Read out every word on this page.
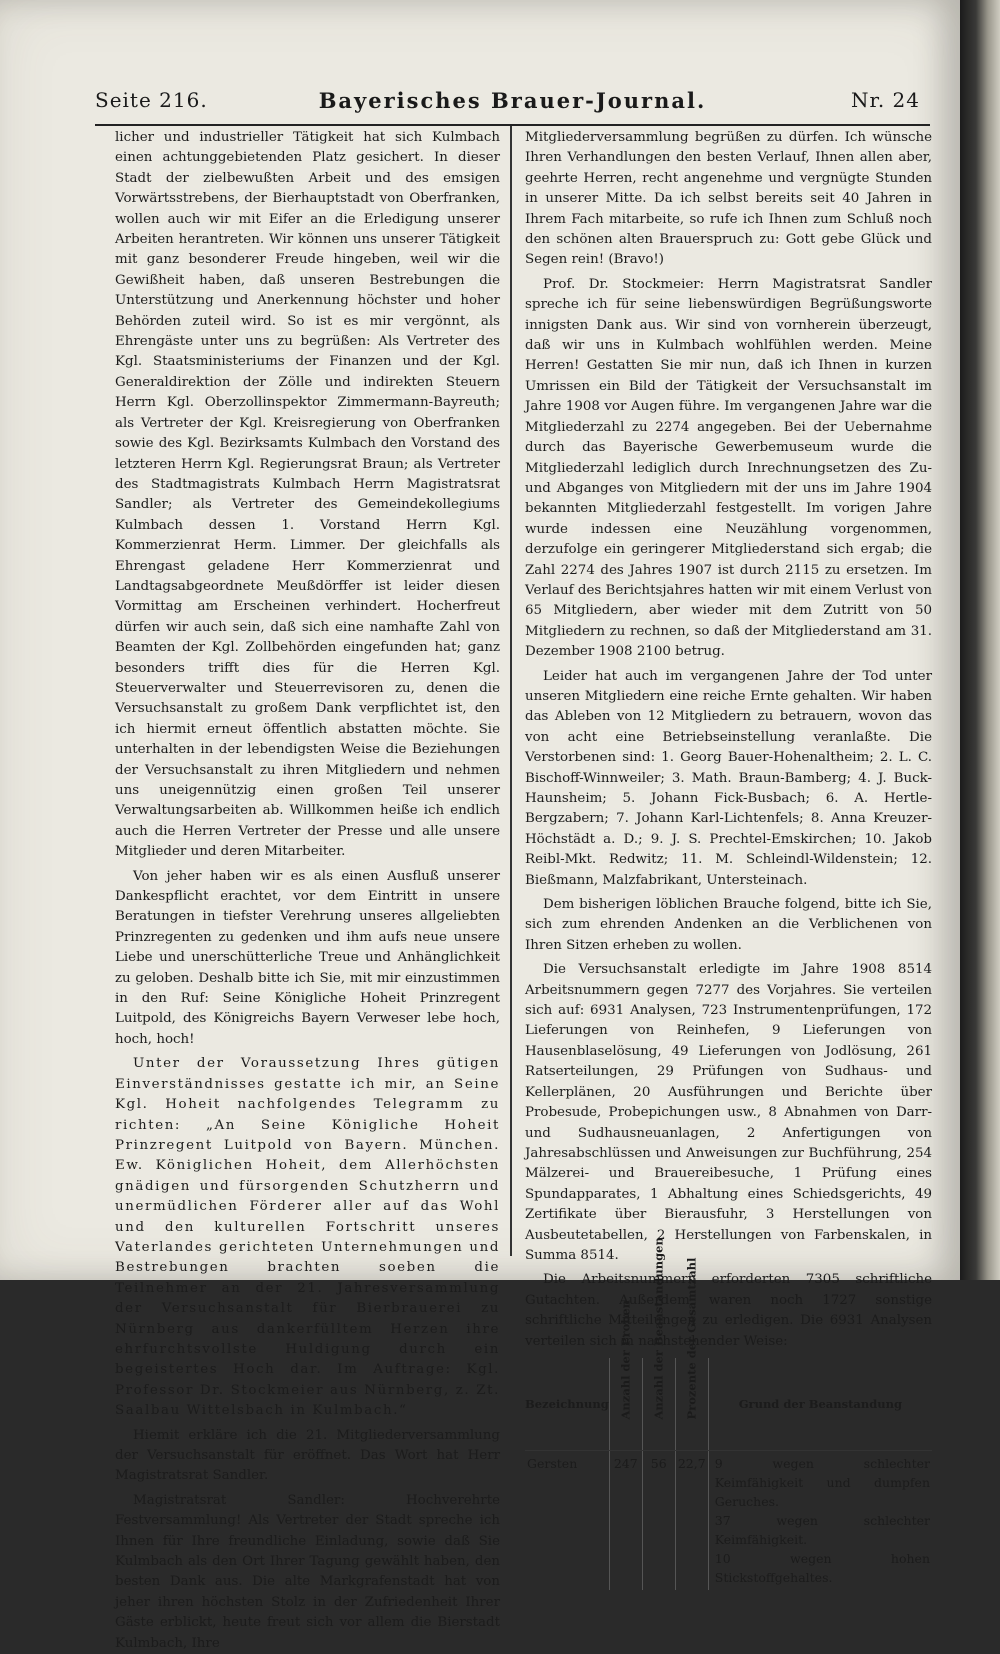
Seite 216.	Bayerisches Brauer-Journal.	Nr. 24

licher und industrieller Tätigkeit hat sich Kulmbach einen achtunggebietenden Platz gesichert. In dieser Stadt der zielbewußten Arbeit und des emsigen Vorwärtsstrebens, der Bierhauptstadt von Oberfranken, wollen auch wir mit Eifer an die Erledigung unserer Arbeiten herantreten. Wir können uns unserer Tätigkeit mit ganz besonderer Freude hingeben, weil wir die Gewißheit haben, daß unseren Bestrebungen die Unterstützung und Anerkennung höchster und hoher Behörden zuteil wird. So ist es mir vergönnt, als Ehrengäste unter uns zu begrüßen: Als Vertreter des Kgl. Staatsministeriums der Finanzen und der Kgl. Generaldirektion der Zölle und indirekten Steuern Herrn Kgl. Oberzollinspektor Zimmermann-Bayreuth; als Vertreter der Kgl. Kreisregierung von Oberfranken sowie des Kgl. Bezirksamts Kulmbach den Vorstand des letzteren Herrn Kgl. Regierungsrat Braun; als Vertreter des Stadtmagistrats Kulmbach Herrn Magistratsrat Sandler; als Vertreter des Gemeindekollegiums Kulmbach dessen 1. Vorstand Herrn Kgl. Kommerzienrat Herm. Limmer. Der gleichfalls als Ehrengast geladene Herr Kommerzienrat und Landtagsabgeordnete Meußdörffer ist leider diesen Vormittag am Erscheinen verhindert. Hocherfreut dürfen wir auch sein, daß sich eine namhafte Zahl von Beamten der Kgl. Zollbehörden eingefunden hat; ganz besonders trifft dies für die Herren Kgl. Steuerverwalter und Steuerrevisoren zu, denen die Versuchsanstalt zu großem Dank verpflichtet ist, den ich hiermit erneut öffentlich abstatten möchte. Sie unterhalten in der lebendigsten Weise die Beziehungen der Versuchsanstalt zu ihren Mitgliedern und nehmen uns uneigennützig einen großen Teil unserer Verwaltungsarbeiten ab. Willkommen heiße ich endlich auch die Herren Vertreter der Presse und alle unsere Mitglieder und deren Mitarbeiter.

Von jeher haben wir es als einen Ausfluß unserer Dankespflicht erachtet, vor dem Eintritt in unsere Beratungen in tiefster Verehrung unseres allgeliebten Prinzregenten zu gedenken und ihm aufs neue unsere Liebe und unerschütterliche Treue und Anhänglichkeit zu geloben. Deshalb bitte ich Sie, mit mir einzustimmen in den Ruf: Seine Königliche Hoheit Prinzregent Luitpold, des Königreichs Bayern Verweser lebe hoch, hoch, hoch!

Unter der Voraussetzung Ihres gütigen Einverständnisses gestatte ich mir, an Seine Kgl. Hoheit nachfolgendes Telegramm zu richten: „An Seine Königliche Hoheit Prinzregent Luitpold von Bayern. München. Ew. Königlichen Hoheit, dem Allerhöchsten gnädigen und fürsorgenden Schutzherrn und unermüdlichen Förderer aller auf das Wohl und den kulturellen Fortschritt unseres Vaterlandes gerichteten Unternehmungen und Bestrebungen brachten soeben die Teilnehmer an der 21. Jahresversammlung der Versuchsanstalt für Bierbrauerei zu Nürnberg aus dankerfülltem Herzen ihre ehrfurchtsvollste Huldigung durch ein begeistertes Hoch dar. Im Auftrage: Kgl. Professor Dr. Stockmeier aus Nürnberg, z. Zt. Saalbau Wittelsbach in Kulmbach.“

Hiemit erkläre ich die 21. Mitgliederversammlung der Versuchsanstalt für eröffnet. Das Wort hat Herr Magistratsrat Sandler.

Magistratsrat Sandler: Hochverehrte Festversammlung! Als Vertreter der Stadt spreche ich Ihnen für Ihre freundliche Einladung, sowie daß Sie Kulmbach als den Ort Ihrer Tagung gewählt haben, den besten Dank aus. Die alte Markgrafenstadt hat von jeher ihren höchsten Stolz in der Zufriedenheit Ihrer Gäste erblickt, heute freut sich vor allem die Bierstadt Kulmbach, Ihre

Mitgliederversammlung begrüßen zu dürfen. Ich wünsche Ihren Verhandlungen den besten Verlauf, Ihnen allen aber, geehrte Herren, recht angenehme und vergnügte Stunden in unserer Mitte. Da ich selbst bereits seit 40 Jahren in Ihrem Fach mitarbeite, so rufe ich Ihnen zum Schluß noch den schönen alten Brauerspruch zu: Gott gebe Glück und Segen rein! (Bravo!)

Prof. Dr. Stockmeier: Herrn Magistratsrat Sandler spreche ich für seine liebenswürdigen Begrüßungsworte innigsten Dank aus. Wir sind von vornherein überzeugt, daß wir uns in Kulmbach wohlfühlen werden. Meine Herren! Gestatten Sie mir nun, daß ich Ihnen in kurzen Umrissen ein Bild der Tätigkeit der Versuchsanstalt im Jahre 1908 vor Augen führe. Im vergangenen Jahre war die Mitgliederzahl zu 2274 angegeben. Bei der Uebernahme durch das Bayerische Gewerbemuseum wurde die Mitgliederzahl lediglich durch Inrechnungsetzen des Zu- und Abganges von Mitgliedern mit der uns im Jahre 1904 bekannten Mitgliederzahl festgestellt. Im vorigen Jahre wurde indessen eine Neuzählung vorgenommen, derzufolge ein geringerer Mitgliederstand sich ergab; die Zahl 2274 des Jahres 1907 ist durch 2115 zu ersetzen. Im Verlauf des Berichtsjahres hatten wir mit einem Verlust von 65 Mitgliedern, aber wieder mit dem Zutritt von 50 Mitgliedern zu rechnen, so daß der Mitgliederstand am 31. Dezember 1908 2100 betrug.

Leider hat auch im vergangenen Jahre der Tod unter unseren Mitgliedern eine reiche Ernte gehalten. Wir haben das Ableben von 12 Mitgliedern zu betrauern, wovon das von acht eine Betriebseinstellung veranlaßte. Die Verstorbenen sind: 1. Georg Bauer-Hohenaltheim; 2. L. C. Bischoff-Winnweiler; 3. Math. Braun-Bamberg; 4. J. Buck-Haunsheim; 5. Johann Fick-Busbach; 6. A. Hertle-Bergzabern; 7. Johann Karl-Lichtenfels; 8. Anna Kreuzer-Höchstädt a. D.; 9. J. S. Prechtel-Emskirchen; 10. Jakob Reibl-Mkt. Redwitz; 11. M. Schleindl-Wildenstein; 12. Bießmann, Malzfabrikant, Untersteinach.

Dem bisherigen löblichen Brauche folgend, bitte ich Sie, sich zum ehrenden Andenken an die Verblichenen von Ihren Sitzen erheben zu wollen.

Die Versuchsanstalt erledigte im Jahre 1908 8514 Arbeitsnummern gegen 7277 des Vorjahres. Sie verteilen sich auf: 6931 Analysen, 723 Instrumentenprüfungen, 172 Lieferungen von Reinhefen, 9 Lieferungen von Hausenblaselösung, 49 Lieferungen von Jodlösung, 261 Ratserteilungen, 29 Prüfungen von Sudhaus- und Kellerplänen, 20 Ausführungen und Berichte über Probesude, Probepichungen usw., 8 Abnahmen von Darr- und Sudhausneuanlagen, 2 Anfertigungen von Jahresabschlüssen und Anweisungen zur Buchführung, 254 Mälzerei- und Brauereibesuche, 1 Prüfung eines Spundapparates, 1 Abhaltung eines Schiedsgerichts, 49 Zertifikate über Bierausfuhr, 3 Herstellungen von Ausbeutetabellen, 2 Herstellungen von Farbenskalen, in Summa 8514.

Die Arbeitsnummern erforderten 7305 schriftliche Gutachten. Außerdem waren noch 1727 sonstige schriftliche Mitteilungen zu erledigen. Die 6931 Analysen verteilen sich in nachstehender Weise:

Bezeichnung	Anzahl der Proben	Anzahl der Beanstandungen	Prozente der Gesamtzahl	Grund der Beanstandung
Gersten	247	56	22,7	9 wegen schlechter Keimfähigkeit und dumpfen Geruches.
37 wegen schlechter Keimfähigkeit.
10 wegen hohen Stickstoffgehaltes.
